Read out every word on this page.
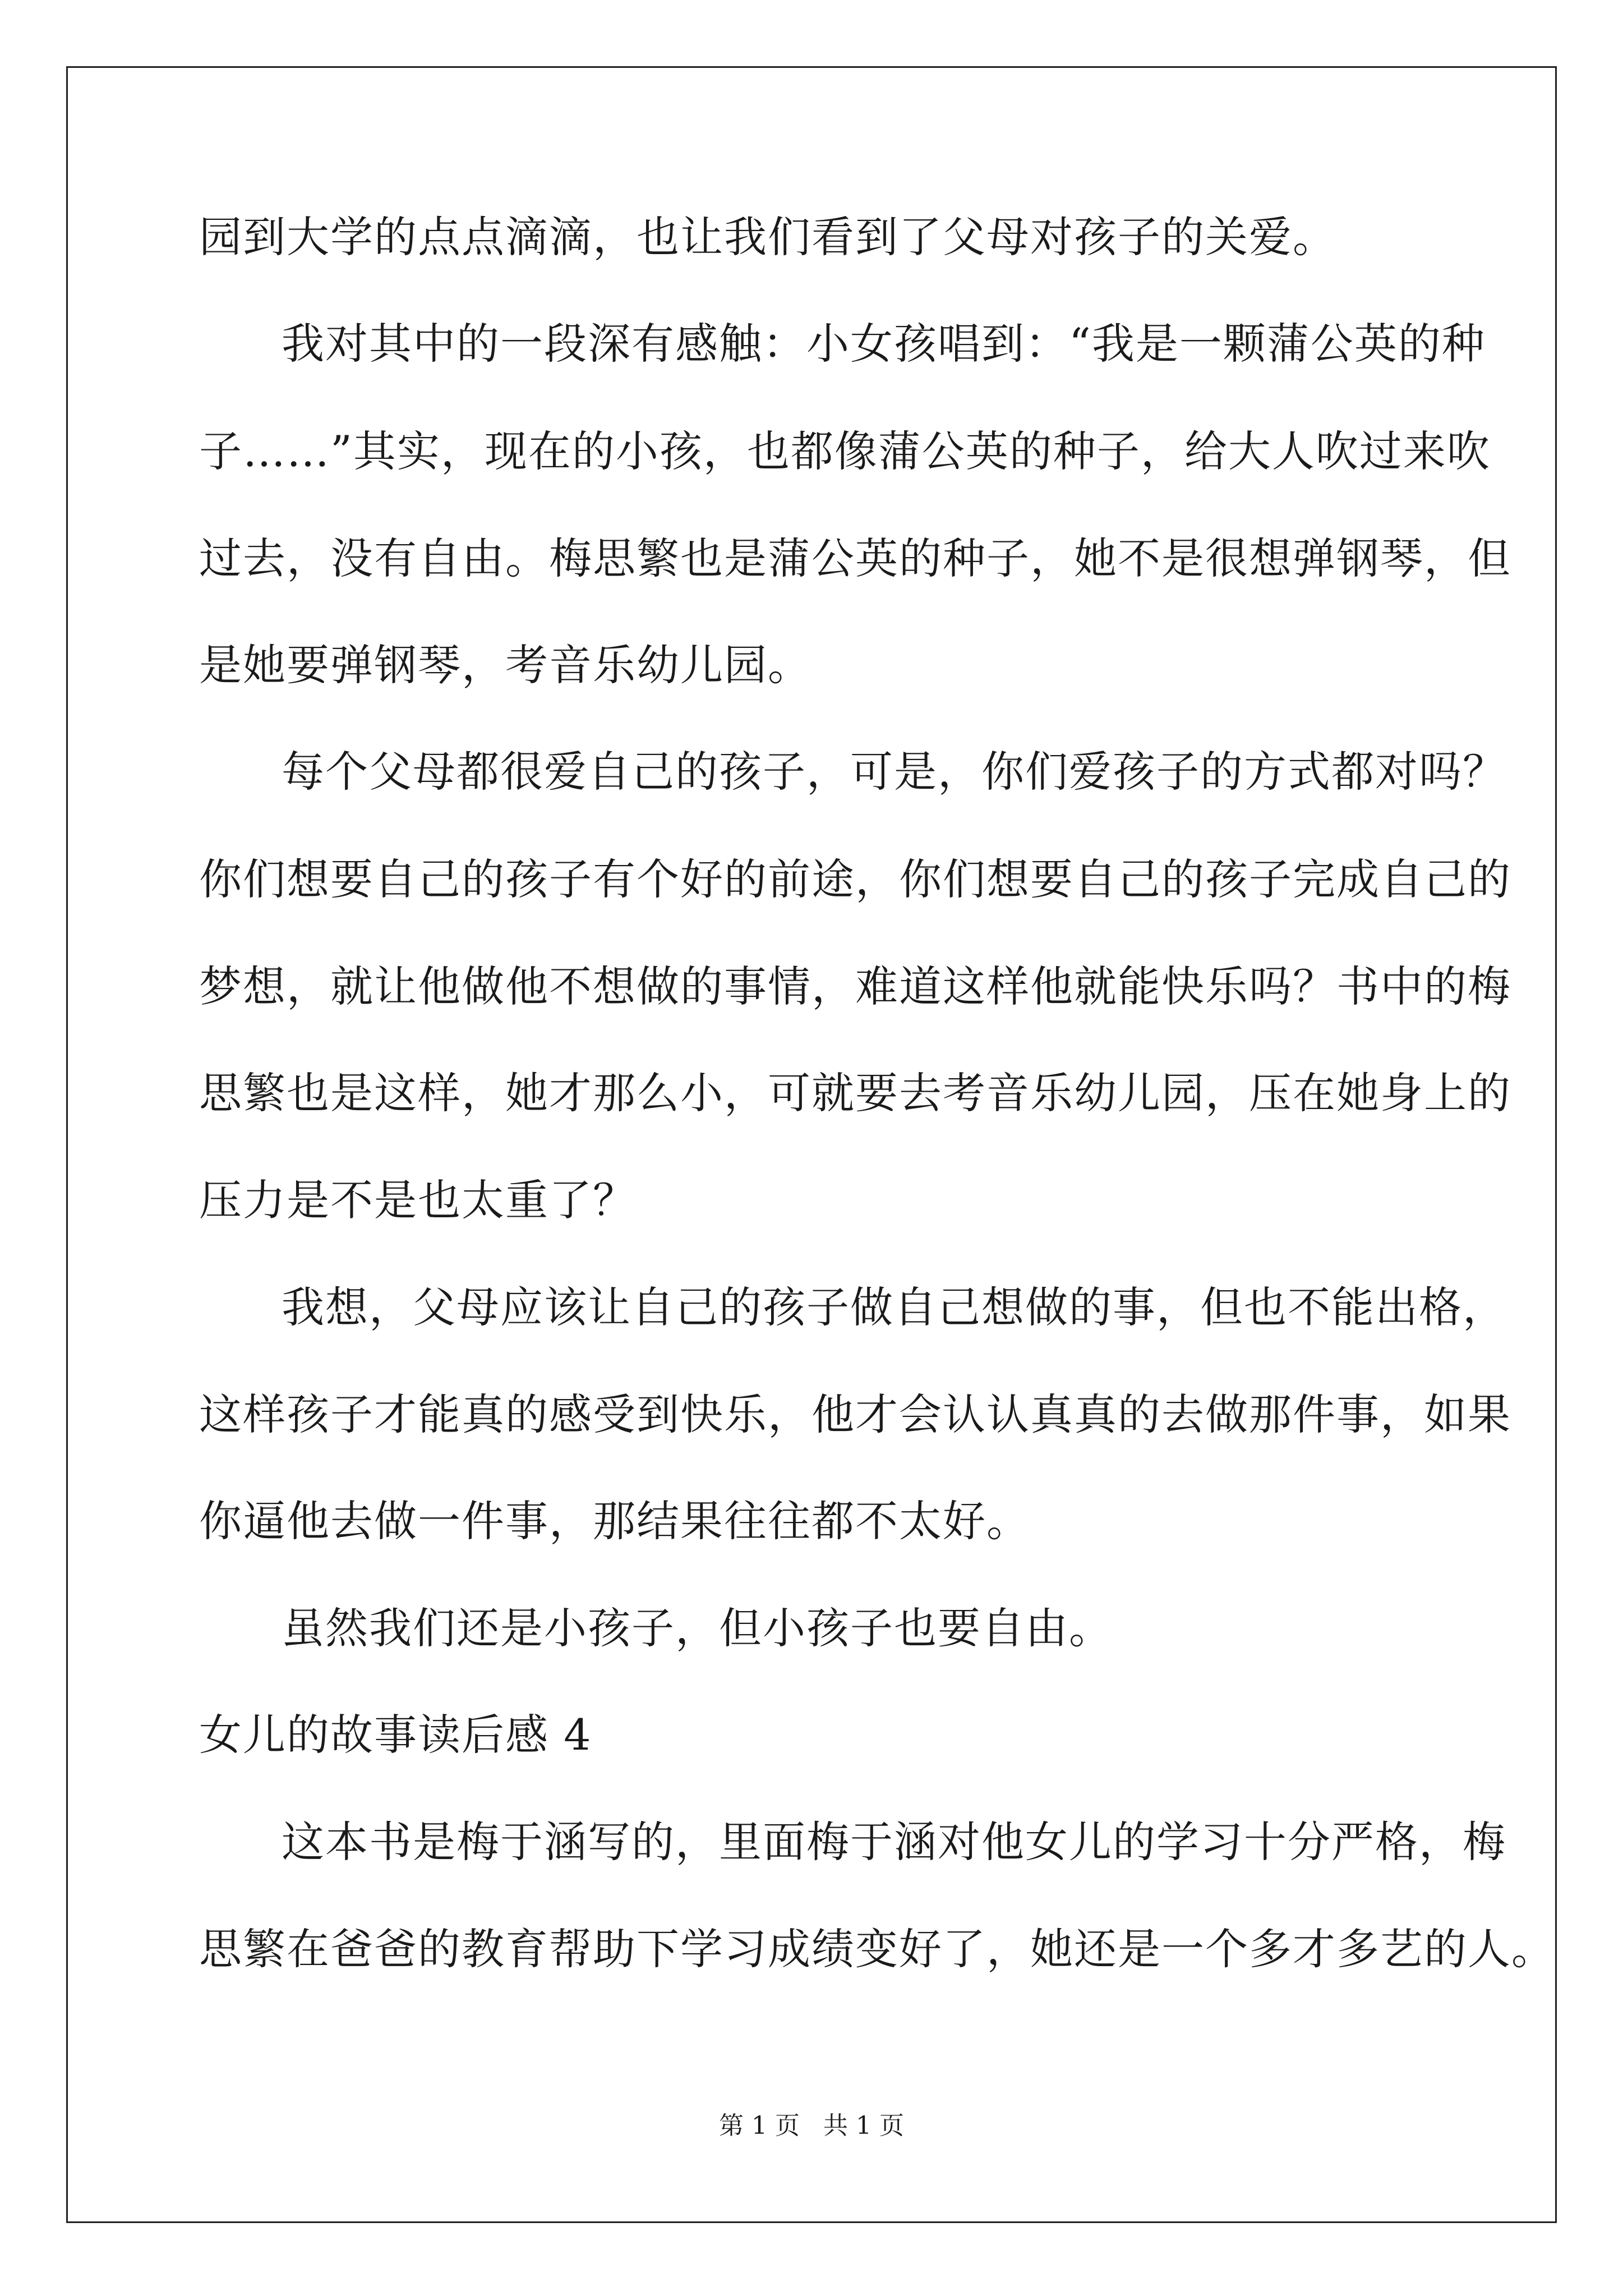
园到大学的点点滴滴，也让我们看到了父母对孩子的关爱。
我对其中的一段深有感触：小女孩唱到：“我是一颗蒲公英的种
子……”其实，现在的小孩，也都像蒲公英的种子，给大人吹过来吹
过去，没有自由。梅思繁也是蒲公英的种子，她不是很想弹钢琴，但
是她要弹钢琴，考音乐幼儿园。
每个父母都很爱自己的孩子，可是，你们爱孩子的方式都对吗？
你们想要自己的孩子有个好的前途，你们想要自己的孩子完成自己的
梦想，就让他做他不想做的事情，难道这样他就能快乐吗？书中的梅
思繁也是这样，她才那么小，可就要去考音乐幼儿园，压在她身上的
压力是不是也太重了？
我想，父母应该让自己的孩子做自己想做的事，但也不能出格，
这样孩子才能真的感受到快乐，他才会认认真真的去做那件事，如果
你逼他去做一件事，那结果往往都不太好。
虽然我们还是小孩子，但小孩子也要自由。
女儿的故事读后感 4
这本书是梅于涵写的，里面梅于涵对他女儿的学习十分严格，梅
思繁在爸爸的教育帮助下学习成绩变好了，她还是一个多才多艺的人。
第 1 页 共 1 页
